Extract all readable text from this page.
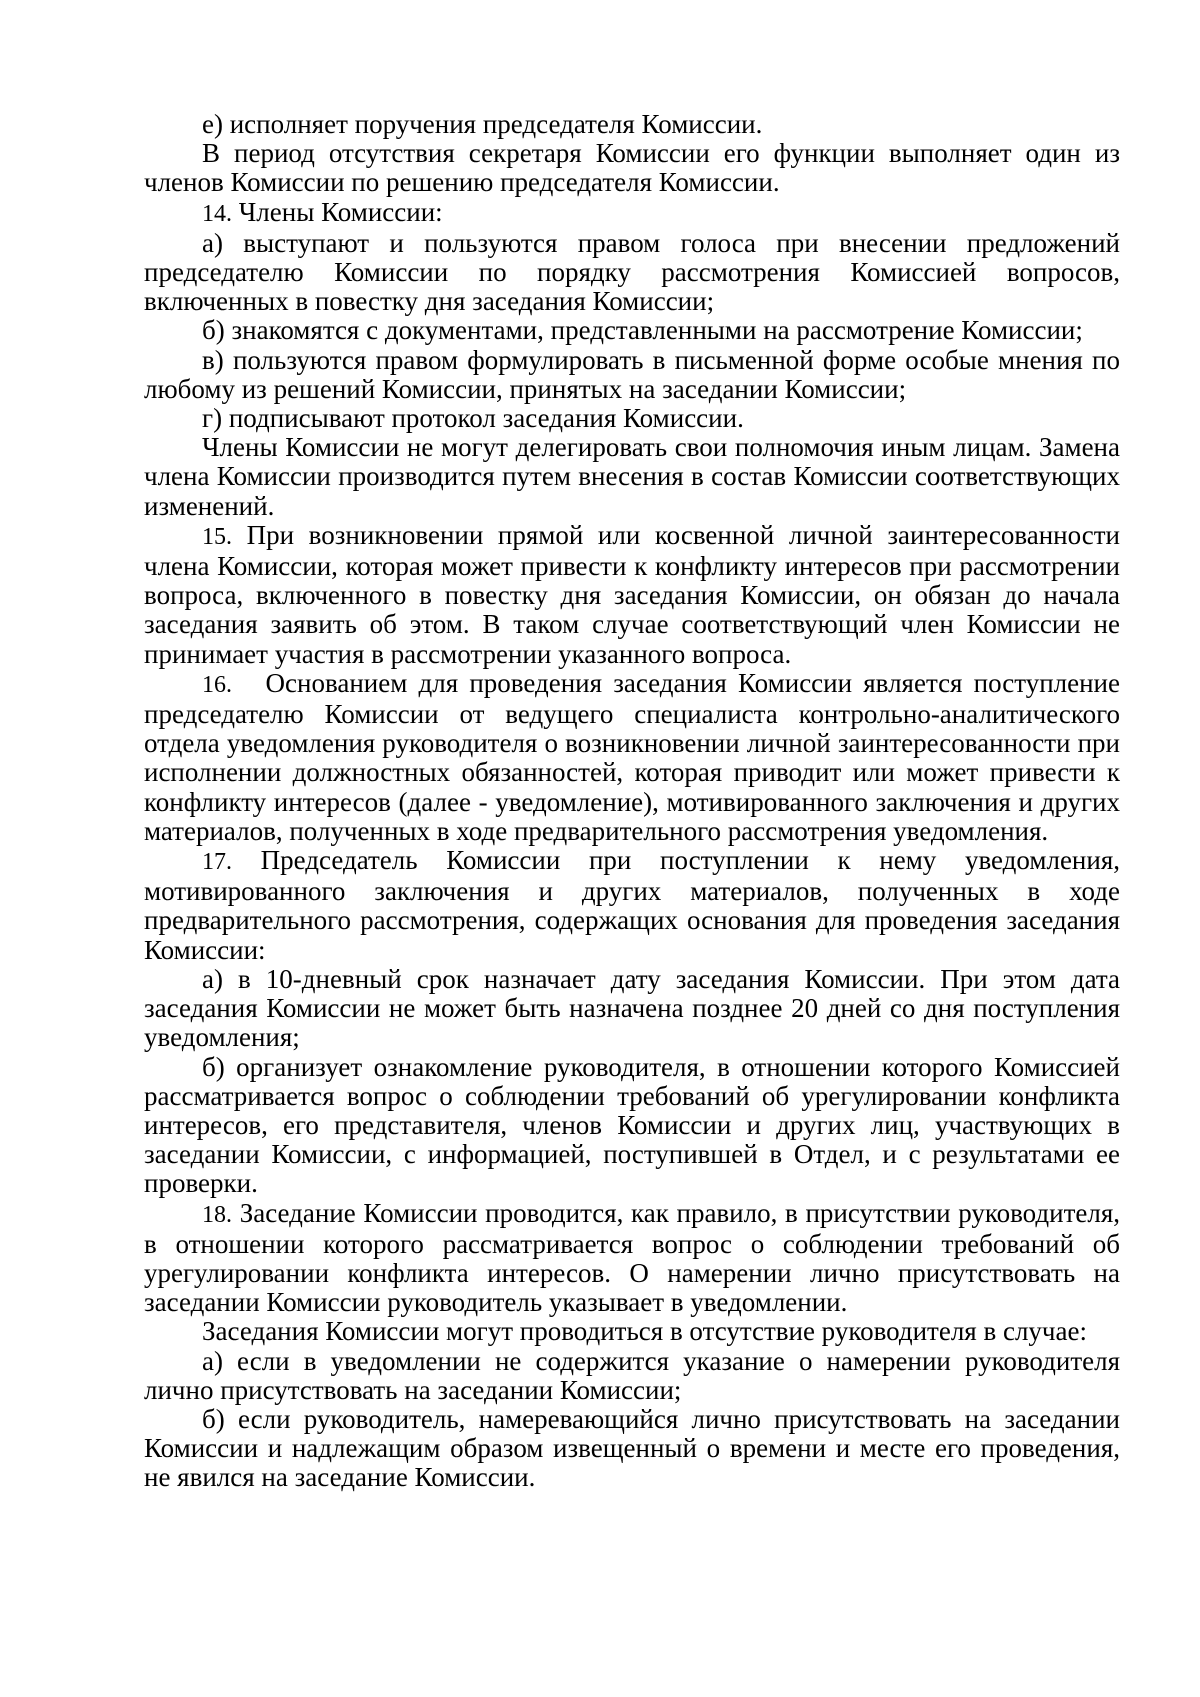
е) исполняет поручения председателя Комиссии.

В период отсутствия секретаря Комиссии его функции выполняет один из членов Комиссии по решению председателя Комиссии.

14. Члены Комиссии:

а) выступают и пользуются правом голоса при внесении предложений председателю Комиссии по порядку рассмотрения Комиссией вопросов, включенных в повестку дня заседания Комиссии;

б) знакомятся с документами, представленными на рассмотрение Комиссии;

в) пользуются правом формулировать в письменной форме особые мнения по любому из решений Комиссии, принятых на заседании Комиссии;

г) подписывают протокол заседания Комиссии.

Члены Комиссии не могут делегировать свои полномочия иным лицам. Замена члена Комиссии производится путем внесения в состав Комиссии соответствующих изменений.

15. При возникновении прямой или косвенной личной заинтересованности члена Комиссии, которая может привести к конфликту интересов при рассмотрении вопроса, включенного в повестку дня заседания Комиссии, он обязан до начала заседания заявить об этом. В таком случае соответствующий член Комиссии не принимает участия в рассмотрении указанного вопроса.

16. Основанием для проведения заседания Комиссии является поступление председателю Комиссии от ведущего специалиста контрольно-аналитического отдела уведомления руководителя о возникновении личной заинтересованности при исполнении должностных обязанностей, которая приводит или может привести к конфликту интересов (далее - уведомление), мотивированного заключения и других материалов, полученных в ходе предварительного рассмотрения уведомления.

17. Председатель Комиссии при поступлении к нему уведомления, мотивированного заключения и других материалов, полученных в ходе предварительного рассмотрения, содержащих основания для проведения заседания Комиссии:

а) в 10-дневный срок назначает дату заседания Комиссии. При этом дата заседания Комиссии не может быть назначена позднее 20 дней со дня поступления уведомления;

б) организует ознакомление руководителя, в отношении которого Комиссией рассматривается вопрос о соблюдении требований об урегулировании конфликта интересов, его представителя, членов Комиссии и других лиц, участвующих в заседании Комиссии, с информацией, поступившей в Отдел, и с результатами ее проверки.

18. Заседание Комиссии проводится, как правило, в присутствии руководителя, в отношении которого рассматривается вопрос о соблюдении требований об урегулировании конфликта интересов. О намерении лично присутствовать на заседании Комиссии руководитель указывает в уведомлении.

Заседания Комиссии могут проводиться в отсутствие руководителя в случае:

а) если в уведомлении не содержится указание о намерении руководителя лично присутствовать на заседании Комиссии;

б) если руководитель, намеревающийся лично присутствовать на заседании Комиссии и надлежащим образом извещенный о времени и месте его проведения, не явился на заседание Комиссии.
